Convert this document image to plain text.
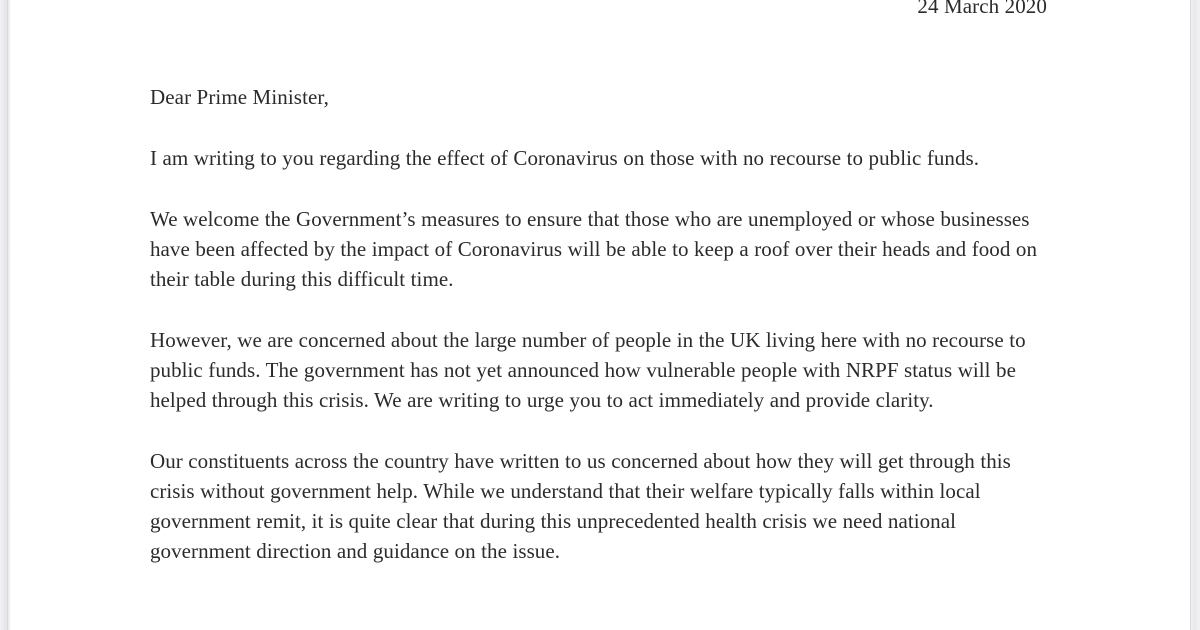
24 March 2020
Dear Prime Minister,

I am writing to you regarding the effect of Coronavirus on those with no recourse to public funds.

We welcome the Government’s measures to ensure that those who are unemployed or whose businesses have been affected by the impact of Coronavirus will be able to keep a roof over their heads and food on their table during this difficult time.

However, we are concerned about the large number of people in the UK living here with no recourse to public funds. The government has not yet announced how vulnerable people with NRPF status will be helped through this crisis. We are writing to urge you to act immediately and provide clarity.

Our constituents across the country have written to us concerned about how they will get through this crisis without government help. While we understand that their welfare typically falls within local government remit, it is quite clear that during this unprecedented health crisis we need national government direction and guidance on the issue.
